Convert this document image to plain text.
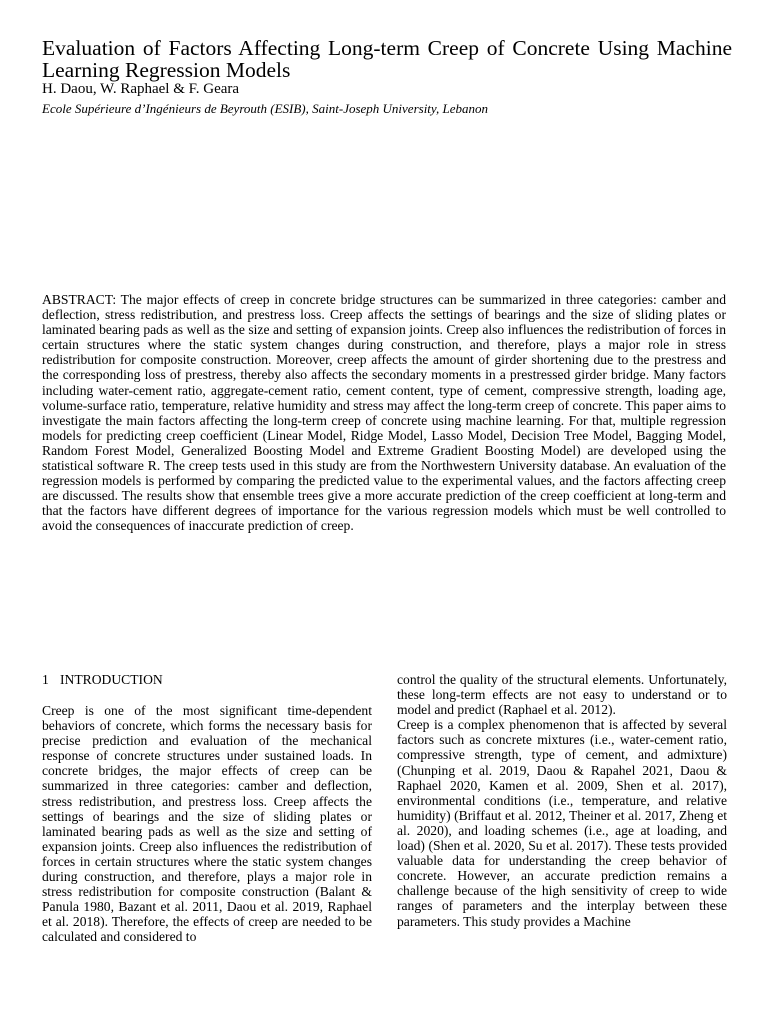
Evaluation of Factors Affecting Long-term Creep of Concrete Using Machine Learning Regression Models
H. Daou, W. Raphael & F. Geara
Ecole Supérieure d’Ingénieurs de Beyrouth (ESIB), Saint-Joseph University, Lebanon

ABSTRACT: The major effects of creep in concrete bridge structures can be summarized in three categories: camber and deflection, stress redistribution, and prestress loss. Creep affects the settings of bearings and the size of sliding plates or laminated bearing pads as well as the size and setting of expansion joints. Creep also influences the redistribution of forces in certain structures where the static system changes during construction, and therefore, plays a major role in stress redistribution for composite construction. Moreover, creep affects the amount of girder shortening due to the prestress and the corresponding loss of prestress, thereby also affects the secondary moments in a prestressed girder bridge. Many factors including water-cement ratio, aggregate-cement ratio, cement content, type of cement, compressive strength, loading age, volume-surface ratio, temperature, relative humidity and stress may affect the long-term creep of concrete. This paper aims to investigate the main factors affecting the long-term creep of concrete using machine learning. For that, multiple regression models for predicting creep coefficient (Linear Model, Ridge Model, Lasso Model, Decision Tree Model, Bagging Model, Random Forest Model, Generalized Boosting Model and Extreme Gradient Boosting Model) are developed using the statistical software R. The creep tests used in this study are from the Northwestern University database. An evaluation of the regression models is performed by comparing the predicted value to the experimental values, and the factors affecting creep are discussed. The results show that ensemble trees give a more accurate prediction of the creep coefficient at long-term and that the factors have different degrees of importance for the various regression models which must be well controlled to avoid the consequences of inaccurate prediction of creep.

1 INTRODUCTION

Creep is one of the most significant time-dependent behaviors of concrete, which forms the necessary basis for precise prediction and evaluation of the mechanical response of concrete structures under sustained loads. In concrete bridges, the major effects of creep can be summarized in three categories: camber and deflection, stress redistribution, and prestress loss. Creep affects the settings of bearings and the size of sliding plates or laminated bearing pads as well as the size and setting of expansion joints. Creep also influences the redistribution of forces in certain structures where the static system changes during construction, and therefore, plays a major role in stress redistribution for composite construction (Balant & Panula 1980, Bazant et al. 2011, Daou et al. 2019, Raphael et al. 2018). Therefore, the effects of creep are needed to be calculated and considered to

control the quality of the structural elements. Unfortunately, these long-term effects are not easy to understand or to model and predict (Raphael et al. 2012).

Creep is a complex phenomenon that is affected by several factors such as concrete mixtures (i.e., water-cement ratio, compressive strength, type of cement, and admixture) (Chunping et al. 2019, Daou & Rapahel 2021, Daou & Raphael 2020, Kamen et al. 2009, Shen et al. 2017), environmental conditions (i.e., temperature, and relative humidity) (Briffaut et al. 2012, Theiner et al. 2017, Zheng et al. 2020), and loading schemes (i.e., age at loading, and load) (Shen et al. 2020, Su et al. 2017). These tests provided valuable data for understanding the creep behavior of concrete. However, an accurate prediction remains a challenge because of the high sensitivity of creep to wide ranges of parameters and the interplay between these parameters. This study provides a Machine
